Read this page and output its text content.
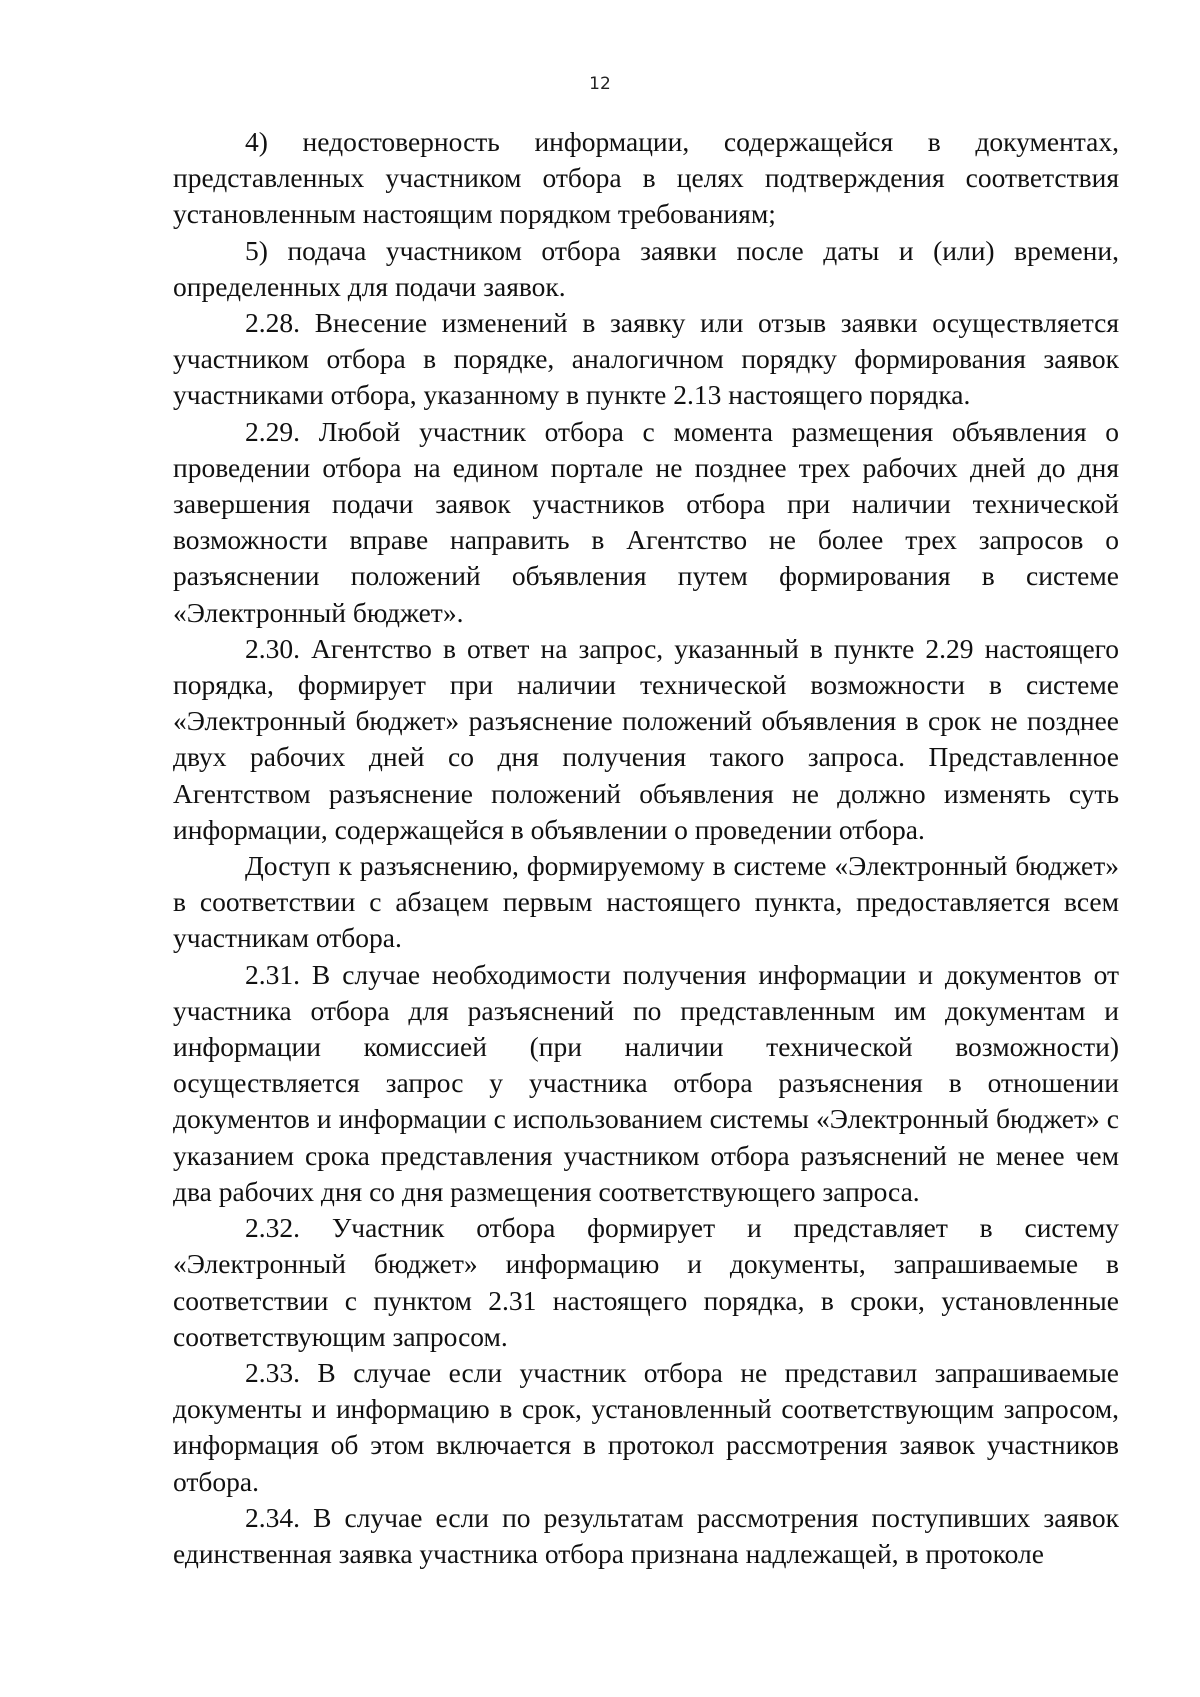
12

4) недостоверность информации, содержащейся в документах, представленных участником отбора в целях подтверждения соответствия установленным настоящим порядком требованиям;

5) подача участником отбора заявки после даты и (или) времени, определенных для подачи заявок.

2.28. Внесение изменений в заявку или отзыв заявки осуществляется участником отбора в порядке, аналогичном порядку формирования заявок участниками отбора, указанному в пункте 2.13 настоящего порядка.

2.29. Любой участник отбора с момента размещения объявления о проведении отбора на едином портале не позднее трех рабочих дней до дня завершения подачи заявок участников отбора при наличии технической возможности вправе направить в Агентство не более трех запросов о разъяснении положений объявления путем формирования в системе «Электронный бюджет».

2.30. Агентство в ответ на запрос, указанный в пункте 2.29 настоящего порядка, формирует при наличии технической возможности в системе «Электронный бюджет» разъяснение положений объявления в срок не позднее двух рабочих дней со дня получения такого запроса. Представленное Агентством разъяснение положений объявления не должно изменять суть информации, содержащейся в объявлении о проведении отбора.

Доступ к разъяснению, формируемому в системе «Электронный бюджет» в соответствии с абзацем первым настоящего пункта, предоставляется всем участникам отбора.

2.31. В случае необходимости получения информации и документов от участника отбора для разъяснений по представленным им документам и информации комиссией (при наличии технической возможности) осуществляется запрос у участника отбора разъяснения в отношении документов и информации с использованием системы «Электронный бюджет» с указанием срока представления участником отбора разъяснений не менее чем два рабочих дня со дня размещения соответствующего запроса.

2.32. Участник отбора формирует и представляет в систему «Электронный бюджет» информацию и документы, запрашиваемые в соответствии с пунктом 2.31 настоящего порядка, в сроки, установленные соответствующим запросом.

2.33. В случае если участник отбора не представил запрашиваемые документы и информацию в срок, установленный соответствующим запросом, информация об этом включается в протокол рассмотрения заявок участников отбора.

2.34. В случае если по результатам рассмотрения поступивших заявок единственная заявка участника отбора признана надлежащей, в протоколе
